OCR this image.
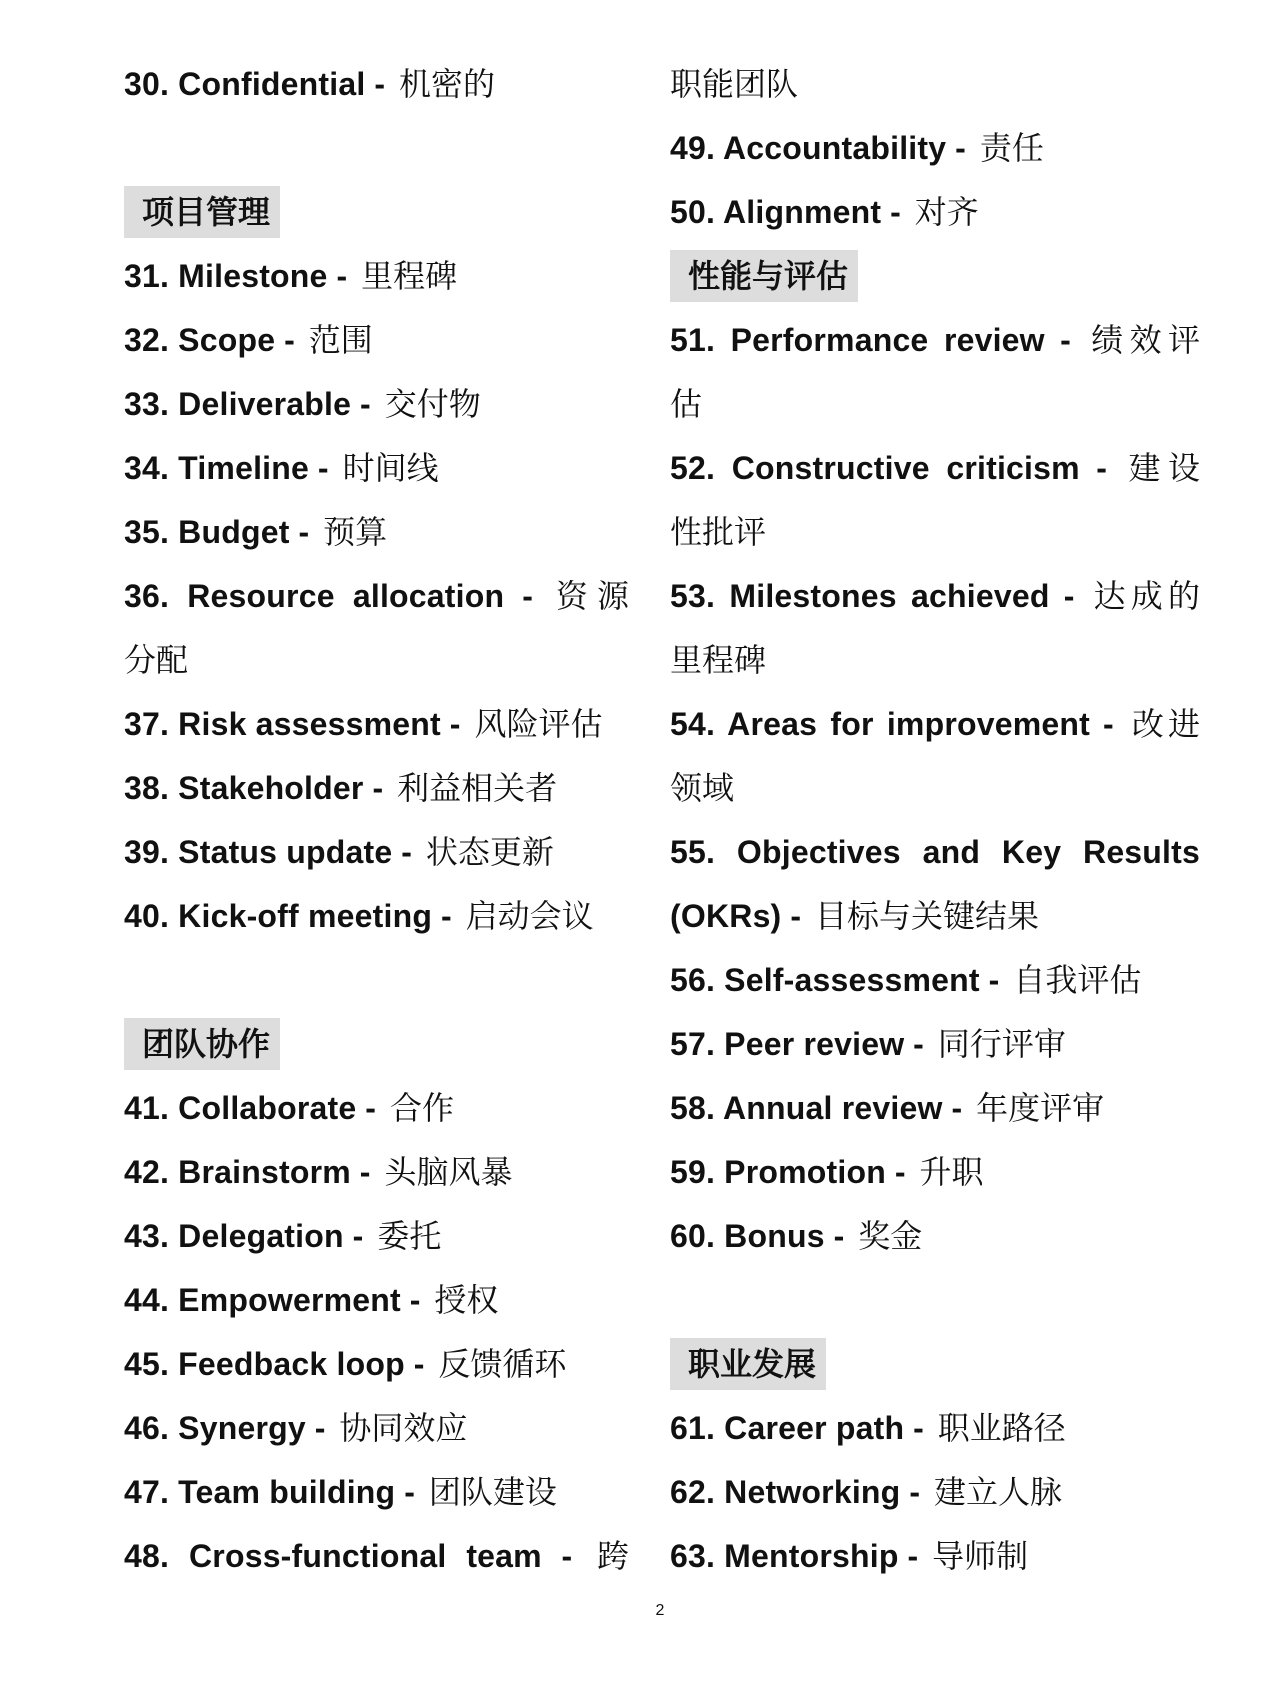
30. Confidential - 机密的
项目管理
31. Milestone - 里程碑
32. Scope - 范围
33. Deliverable - 交付物
34. Timeline - 时间线
35. Budget - 预算
36. Resource allocation - 资源
分配
37. Risk assessment - 风险评估
38. Stakeholder - 利益相关者
39. Status update - 状态更新
40. Kick-off meeting - 启动会议
团队协作
41. Collaborate - 合作
42. Brainstorm - 头脑风暴
43. Delegation - 委托
44. Empowerment - 授权
45. Feedback loop - 反馈循环
46. Synergy - 协同效应
47. Team building - 团队建设
48. Cross-functional team - 跨
职能团队
49. Accountability - 责任
50. Alignment - 对齐
性能与评估
51. Performance review - 绩效评
估
52. Constructive criticism - 建设
性批评
53. Milestones achieved - 达成的
里程碑
54. Areas for improvement - 改进
领域
55. Objectives and Key Results
(OKRs) - 目标与关键结果
56. Self-assessment - 自我评估
57. Peer review - 同行评审
58. Annual review - 年度评审
59. Promotion - 升职
60. Bonus - 奖金
职业发展
61. Career path - 职业路径
62. Networking - 建立人脉
63. Mentorship - 导师制
2
